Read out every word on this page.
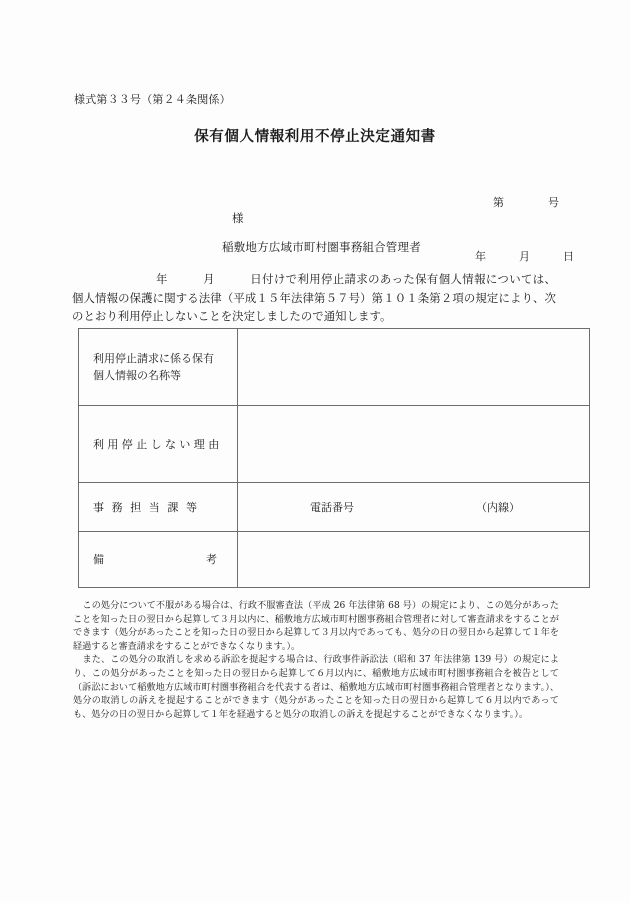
様式第３３号（第２４条関係）
保有個人情報利用不停止決定通知書

第　　　　号

年　　　月　　　日

様
稲敷地方広域市町村圏事務組合管理者
年　　　月　　　日付けで利用停止請求のあった保有個人情報については、個人情報の保護に関する法律（平成１５年法律第５７号）第１０１条第２項の規定により、次のとおり利用停止しないことを決定しましたので通知します。
利用停止請求に係る保有
個人情報の名称等	

利用停止しない理由	
事務担当課等	電話番号 （内線）

備 考	

この処分について不服がある場合は、行政不服審査法（平成 26 年法律第 68 号）の規定により、この処分があったことを知った日の翌日から起算して３月以内に、稲敷地方広域市町村圏事務組合管理者に対して審査請求をすることができます（処分があったことを知った日の翌日から起算して３月以内であっても、処分の日の翌日から起算して１年を経過すると審査請求をすることができなくなります。）。

また、この処分の取消しを求める訴訟を提起する場合は、行政事件訴訟法（昭和 37 年法律第 139 号）の規定により、この処分があったことを知った日の翌日から起算して６月以内に、稲敷地方広域市町村圏事務組合を被告として（訴訟において稲敷地方広域市町村圏事務組合を代表する者は、稲敷地方広域市町村圏事務組合管理者となります。）、処分の取消しの訴えを提起することができます（処分があったことを知った日の翌日から起算して６月以内であっても、処分の日の翌日から起算して１年を経過すると処分の取消しの訴えを提起することができなくなります。）。
